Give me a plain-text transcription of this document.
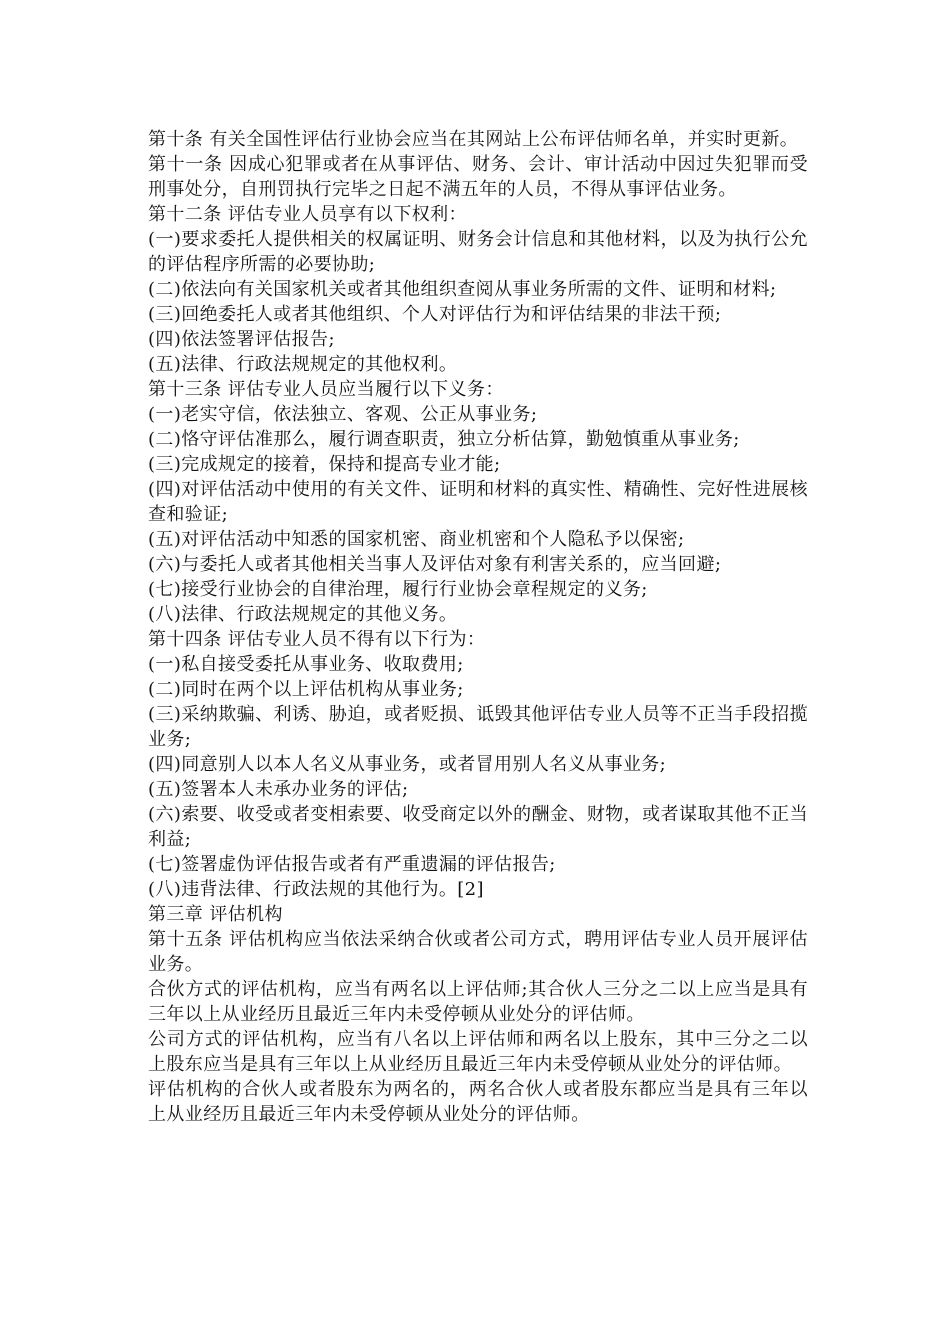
第十条 有关全国性评估行业协会应当在其网站上公布评估师名单，并实时更新。

第十一条 因成心犯罪或者在从事评估、财务、会计、审计活动中因过失犯罪而受刑事处分，自刑罚执行完毕之日起不满五年的人员，不得从事评估业务。

第十二条 评估专业人员享有以下权利：

(一)要求委托人提供相关的权属证明、财务会计信息和其他材料，以及为执行公允的评估程序所需的必要协助;

(二)依法向有关国家机关或者其他组织查阅从事业务所需的文件、证明和材料;

(三)回绝委托人或者其他组织、个人对评估行为和评估结果的非法干预;

(四)依法签署评估报告;

(五)法律、行政法规规定的其他权利。

第十三条 评估专业人员应当履行以下义务：

(一)老实守信，依法独立、客观、公正从事业务;

(二)恪守评估准那么，履行调查职责，独立分析估算，勤勉慎重从事业务;

(三)完成规定的接着，保持和提高专业才能;

(四)对评估活动中使用的有关文件、证明和材料的真实性、精确性、完好性进展核查和验证;

(五)对评估活动中知悉的国家机密、商业机密和个人隐私予以保密;

(六)与委托人或者其他相关当事人及评估对象有利害关系的，应当回避;

(七)接受行业协会的自律治理，履行行业协会章程规定的义务;

(八)法律、行政法规规定的其他义务。

第十四条 评估专业人员不得有以下行为：

(一)私自接受委托从事业务、收取费用;

(二)同时在两个以上评估机构从事业务;

(三)采纳欺骗、利诱、胁迫，或者贬损、诋毁其他评估专业人员等不正当手段招揽业务;

(四)同意别人以本人名义从事业务，或者冒用别人名义从事业务;

(五)签署本人未承办业务的评估;

(六)索要、收受或者变相索要、收受商定以外的酬金、财物，或者谋取其他不正当利益;

(七)签署虚伪评估报告或者有严重遗漏的评估报告;

(八)违背法律、行政法规的其他行为。[2]

第三章 评估机构

第十五条 评估机构应当依法采纳合伙或者公司方式，聘用评估专业人员开展评估业务。

合伙方式的评估机构，应当有两名以上评估师;其合伙人三分之二以上应当是具有三年以上从业经历且最近三年内未受停顿从业处分的评估师。

公司方式的评估机构，应当有八名以上评估师和两名以上股东，其中三分之二以上股东应当是具有三年以上从业经历且最近三年内未受停顿从业处分的评估师。

评估机构的合伙人或者股东为两名的，两名合伙人或者股东都应当是具有三年以上从业经历且最近三年内未受停顿从业处分的评估师。
